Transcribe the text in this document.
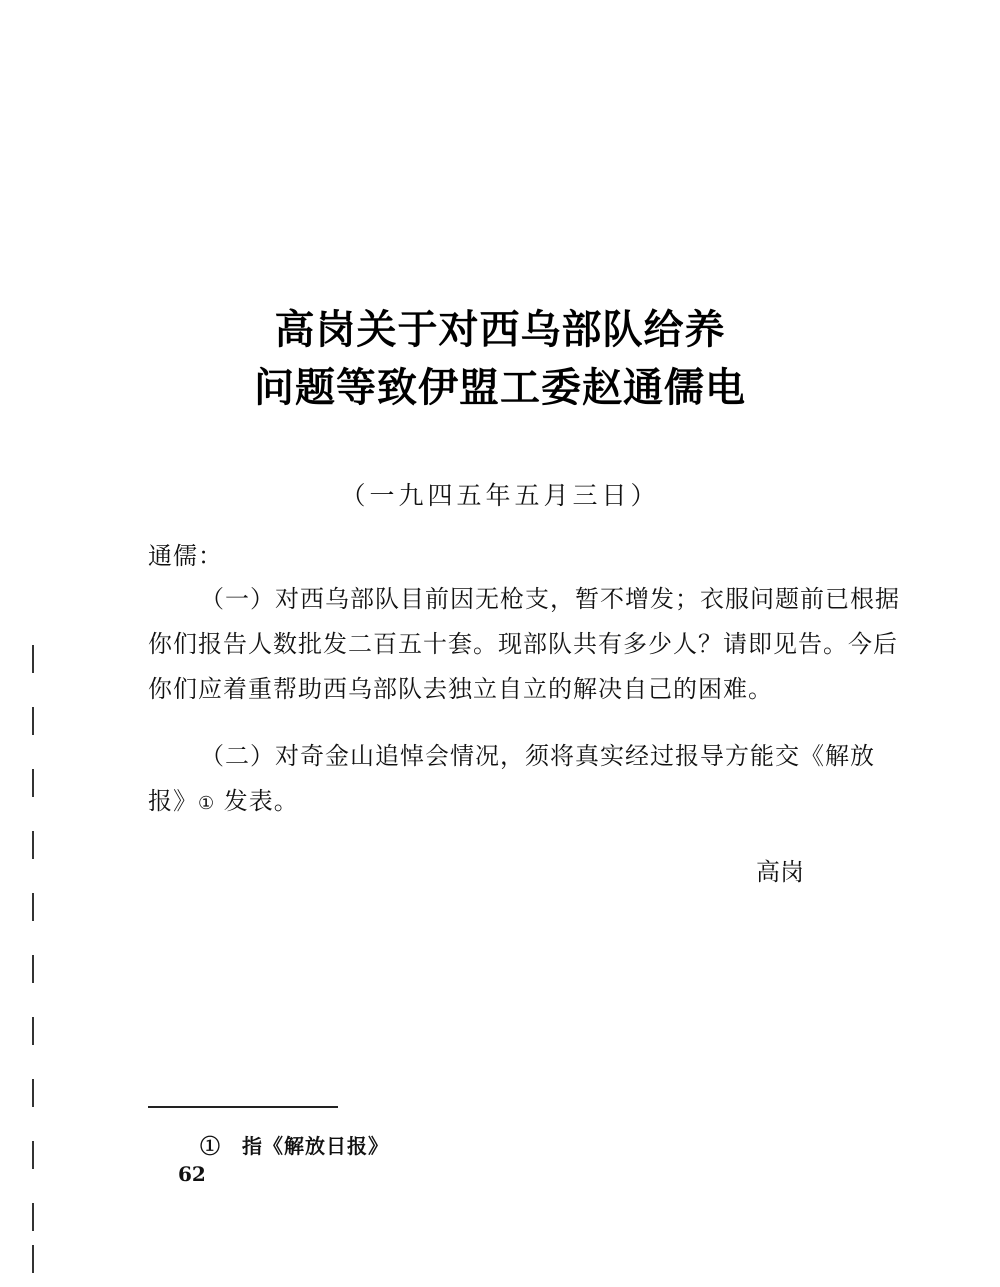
高岗关于对西乌部队给养
问题等致伊盟工委赵通儒电
（一九四五年五月三日）
通儒：
（一）对西乌部队目前因无枪支，暂不增发；衣服问题前已根据你们报告人数批发二百五十套。现部队共有多少人？请即见告。今后你们应着重帮助西乌部队去独立自立的解决自己的困难。
（二）对奇金山追悼会情况，须将真实经过报导方能交《解放报》① 发表。
高岗
①　指《解放日报》
62
